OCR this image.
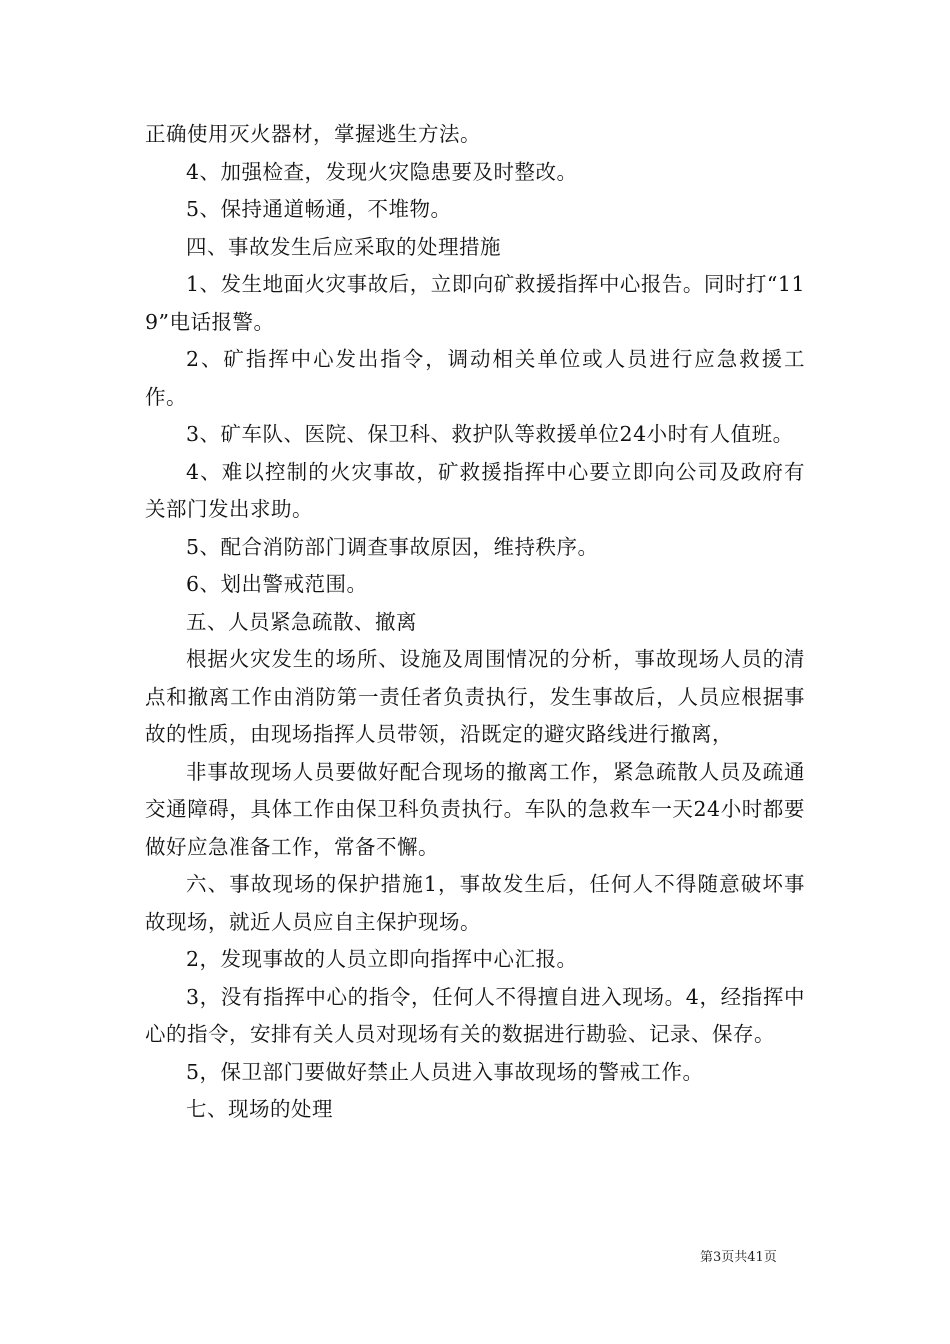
正确使用灭火器材，掌握逃生方法。

4、加强检查，发现火灾隐患要及时整改。

5、保持通道畅通，不堆物。

四、事故发生后应采取的处理措施

1、发生地面火灾事故后，立即向矿救援指挥中心报告。同时打“119”电话报警。

2、矿指挥中心发出指令，调动相关单位或人员进行应急救援工作。

3、矿车队、医院、保卫科、救护队等救援单位24小时有人值班。

4、难以控制的火灾事故，矿救援指挥中心要立即向公司及政府有关部门发出求助。

5、配合消防部门调查事故原因，维持秩序。

6、划出警戒范围。

五、人员紧急疏散、撤离

根据火灾发生的场所、设施及周围情况的分析，事故现场人员的清点和撤离工作由消防第一责任者负责执行，发生事故后，人员应根据事故的性质，由现场指挥人员带领，沿既定的避灾路线进行撤离，

非事故现场人员要做好配合现场的撤离工作，紧急疏散人员及疏通交通障碍，具体工作由保卫科负责执行。车队的急救车一天24小时都要做好应急准备工作，常备不懈。

六、事故现场的保护措施1，事故发生后，任何人不得随意破坏事故现场，就近人员应自主保护现场。

2，发现事故的人员立即向指挥中心汇报。

3，没有指挥中心的指令，任何人不得擅自进入现场。4，经指挥中心的指令，安排有关人员对现场有关的数据进行勘验、记录、保存。

5，保卫部门要做好禁止人员进入事故现场的警戒工作。

七、现场的处理

第3页共41页
